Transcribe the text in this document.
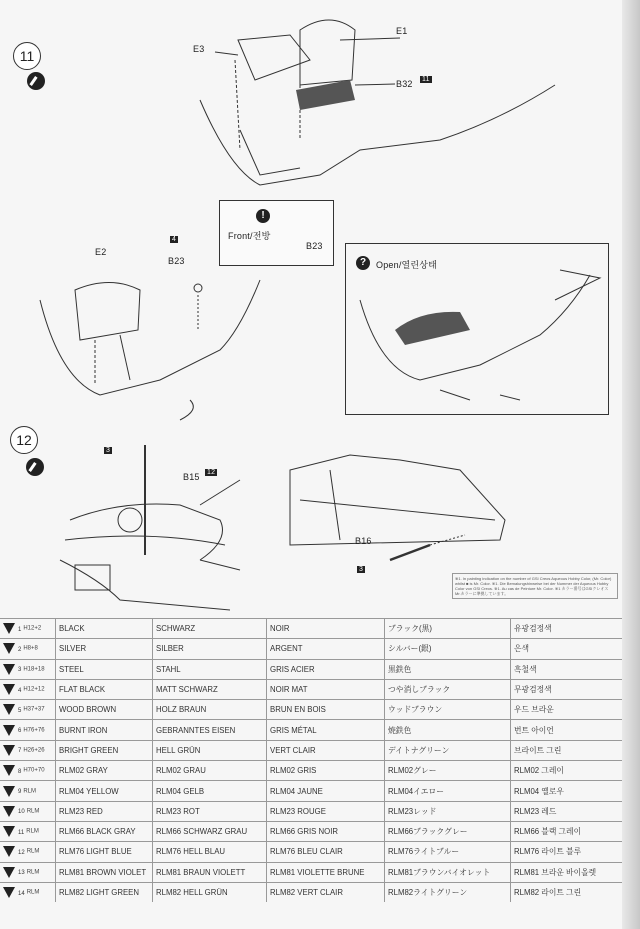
11	E3
E1
B32 11
!
Front/전방
B23
E2
B23
4
?	Open/열린상태
12
3
B15 12
B16
3
※1. In painting indication on the number of GSI Creos Aqueous Hobby Color, (Mr. Color) whilst ■ is Mr. Color. ※1. Die Bemalungshinweise bei der Nummer der Aqueous Hobby Color von GSI Creos. ※1. Au cas de Peinture Mr. Color. ※1 カラー番号はGSIクレオス Mr.カラーに準拠しています。
1 H12+2	BLACK	SCHWARZ	NOIR	ブラック(黒)	유광검정색
2 H8+8	SILVER	SILBER	ARGENT	シルバー(銀)	은색
3 H18+18	STEEL	STAHL	GRIS ACIER	黒鉄色	흑철색
4 H12+12	FLAT BLACK	MATT SCHWARZ	NOIR MAT	つや消しブラック	무광검정색
5 H37+37	WOOD BROWN	HOLZ BRAUN	BRUN EN BOIS	ウッドブラウン	우드 브라운
6 H76+76	BURNT IRON	GEBRANNTES EISEN	GRIS MÉTAL	焼鉄色	번트 아이언
7 H26+26	BRIGHT GREEN	HELL GRÜN	VERT CLAIR	デイトナグリーン	브라이트 그린
8 H70+70	RLM02 GRAY	RLM02 GRAU	RLM02 GRIS	RLM02グレー	RLM02 그레이
9 RLM	RLM04 YELLOW	RLM04 GELB	RLM04 JAUNE	RLM04イエロー	RLM04 옐로우
10 RLM	RLM23 RED	RLM23 ROT	RLM23 ROUGE	RLM23レッド	RLM23 레드
11 RLM	RLM66 BLACK GRAY	RLM66 SCHWARZ GRAU	RLM66 GRIS NOIR	RLM66ブラックグレー	RLM66 블랙 그레이
12 RLM	RLM76 LIGHT BLUE	RLM76 HELL BLAU	RLM76 BLEU CLAIR	RLM76ライトブルー	RLM76 라이트 블루
13 RLM	RLM81 BROWN VIOLET	RLM81 BRAUN VIOLETT	RLM81 VIOLETTE BRUNE	RLM81ブラウンバイオレット	RLM81 브라운 바이올렛
14 RLM	RLM82 LIGHT GREEN	RLM82 HELL GRÜN	RLM82 VERT CLAIR	RLM82ライトグリーン	RLM82 라이트 그린
